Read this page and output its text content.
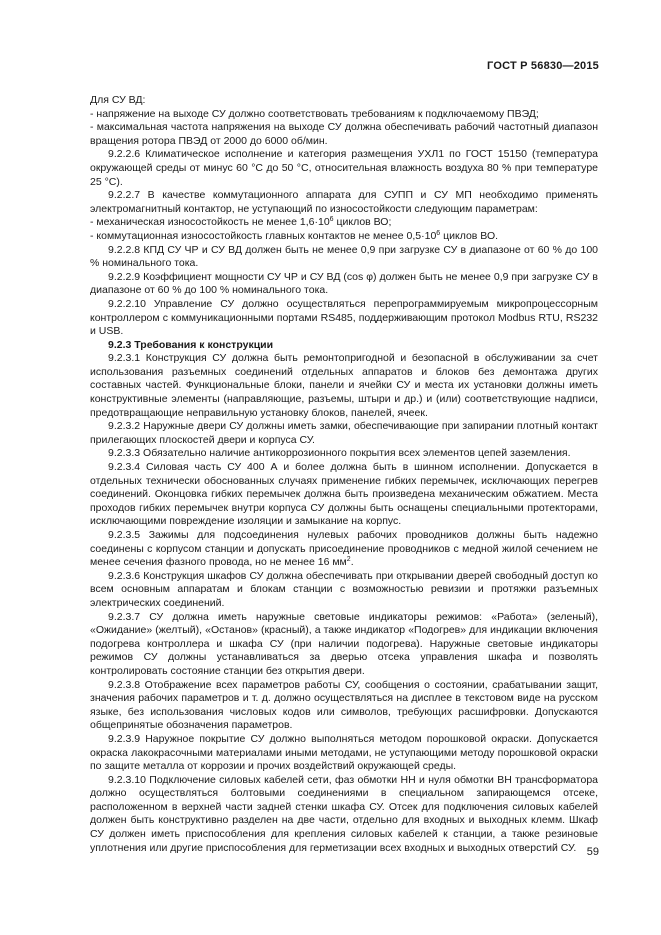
ГОСТ Р 56830—2015

Для СУ ВД:

- напряжение на выходе СУ должно соответствовать требованиям к подключаемому ПВЭД;

- максимальная частота напряжения на выходе СУ должна обеспечивать рабочий частотный диапазон вращения ротора ПВЭД от 2000 до 6000 об/мин.

9.2.2.6 Климатическое исполнение и категория размещения УХЛ1 по ГОСТ 15150 (температура окружающей среды от минус 60 °С до 50 °С, относительная влажность воздуха 80 % при температуре 25 °С).

9.2.2.7 В качестве коммутационного аппарата для СУПП и СУ МП необходимо применять электромагнитный контактор, не уступающий по износостойкости следующим параметрам:

- механическая износостойкость не менее $1,6\cdot 10^6$ циклов ВО;

- коммутационная износостойкость главных контактов не менее $0,5\cdot 10^6$ циклов ВО.

9.2.2.8 КПД СУ ЧР и СУ ВД должен быть не менее 0,9 при загрузке СУ в диапазоне от 60 % до 100 % номинального тока.

9.2.2.9 Коэффициент мощности СУ ЧР и СУ ВД (cos φ) должен быть не менее 0,9 при загрузке СУ в диапазоне от 60 % до 100 % номинального тока.

9.2.2.10 Управление СУ должно осуществляться перепрограммируемым микропроцессорным контроллером с коммуникационными портами RS485, поддерживающим протокол Modbus RTU, RS232 и USB.

9.2.3 Требования к конструкции

9.2.3.1 Конструкция СУ должна быть ремонтопригодной и безопасной в обслуживании за счет использования разъемных соединений отдельных аппаратов и блоков без демонтажа других составных частей. Функциональные блоки, панели и ячейки СУ и места их установки должны иметь конструктивные элементы (направляющие, разъемы, штыри и др.) и (или) соответствующие надписи, предотвращающие неправильную установку блоков, панелей, ячеек.

9.2.3.2 Наружные двери СУ должны иметь замки, обеспечивающие при запирании плотный контакт прилегающих плоскостей двери и корпуса СУ.

9.2.3.3 Обязательно наличие антикоррозионного покрытия всех элементов цепей заземления.

9.2.3.4 Силовая часть СУ 400 А и более должна быть в шинном исполнении. Допускается в отдельных технически обоснованных случаях применение гибких перемычек, исключающих перегрев соединений. Оконцовка гибких перемычек должна быть произведена механическим обжатием. Места проходов гибких перемычек внутри корпуса СУ должны быть оснащены специальными протекторами, исключающими повреждение изоляции и замыкание на корпус.

9.2.3.5 Зажимы для подсоединения нулевых рабочих проводников должны быть надежно соединены с корпусом станции и допускать присоединение проводников с медной жилой сечением не менее сечения фазного провода, но не менее 16 $мм^2$.

9.2.3.6 Конструкция шкафов СУ должна обеспечивать при открывании дверей свободный доступ ко всем основным аппаратам и блокам станции с возможностью ревизии и протяжки разъемных электрических соединений.

9.2.3.7 СУ должна иметь наружные световые индикаторы режимов: «Работа» (зеленый), «Ожидание» (желтый), «Останов» (красный), а также индикатор «Подогрев» для индикации включения подогрева контроллера и шкафа СУ (при наличии подогрева). Наружные световые индикаторы режимов СУ должны устанавливаться за дверью отсека управления шкафа и позволять контролировать состояние станции без открытия двери.

9.2.3.8 Отображение всех параметров работы СУ, сообщения о состоянии, срабатывании защит, значения рабочих параметров и т. д. должно осуществляться на дисплее в текстовом виде на русском языке, без использования числовых кодов или символов, требующих расшифровки. Допускаются общепринятые обозначения параметров.

9.2.3.9 Наружное покрытие СУ должно выполняться методом порошковой окраски. Допускается окраска лакокрасочными материалами иными методами, не уступающими методу порошковой окраски по защите металла от коррозии и прочих воздействий окружающей среды.

9.2.3.10 Подключение силовых кабелей сети, фаз обмотки НН и нуля обмотки ВН трансформатора должно осуществляться болтовыми соединениями в специальном запирающемся отсеке, расположенном в верхней части задней стенки шкафа СУ. Отсек для подключения силовых кабелей должен быть конструктивно разделен на две части, отдельно для входных и выходных клемм. Шкаф СУ должен иметь приспособления для крепления силовых кабелей к станции, а также резиновые уплотнения или другие приспособления для герметизации всех входных и выходных отверстий СУ. 59
